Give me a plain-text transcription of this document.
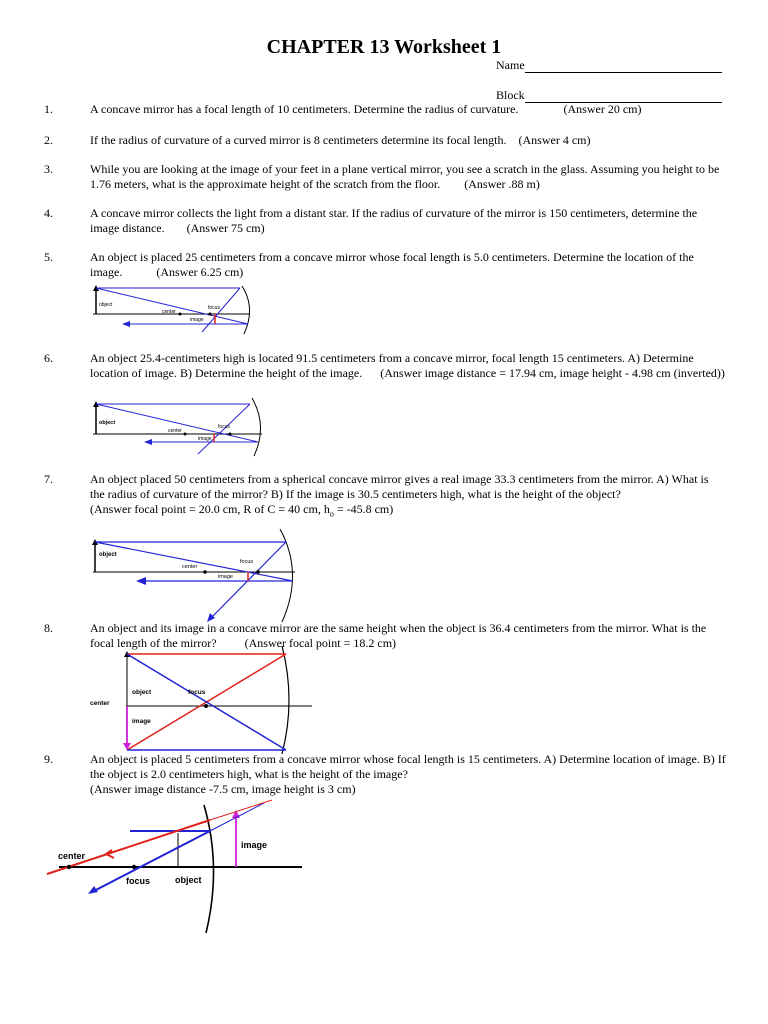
CHAPTER 13 Worksheet 1
Name
Block
1.	A concave mirror has a focal length of 10 centimeters. Determine the radius of curvature.	(Answer 20 cm)
2.	If the radius of curvature of a curved mirror is 8 centimeters determine its focal length. (Answer 4 cm)
3.	While you are looking at the image of your feet in a plane vertical mirror, you see a scratch in the glass. Assuming you height to be 1.76 meters, what is the approximate height of the scratch from the floor. (Answer .88 m)
4.	A concave mirror collects the light from a distant star. If the radius of curvature of the mirror is 150 centimeters, determine the image distance. (Answer 75 cm)
5.	An object is placed 25 centimeters from a concave mirror whose focal length is 5.0 centimeters. Determine the location of the image.	(Answer 6.25 cm)
object
center
focus
image
6.	An object 25.4-centimeters high is located 91.5 centimeters from a concave mirror, focal length 15 centimeters. A) Determine location of image. B) Determine the height of the image. (Answer image distance = 17.94 cm, image height - 4.98 cm (inverted))
object
center
focus
image
7.	An object placed 50 centimeters from a spherical concave mirror gives a real image 33.3 centimeters from the mirror. A) What is the radius of curvature of the mirror? B) If the image is 30.5 centimeters high, what is the height of the object?
(Answer focal point = 20.0 cm, R of C = 40 cm, $h_o = -45.8$ cm)
object
center
focus
image
8.	An object and its image in a concave mirror are the same height when the object is 36.4 centimeters from the mirror. What is the focal length of the mirror? (Answer focal point = 18.2 cm)
object
center
focus
image
9.	An object is placed 5 centimeters from a concave mirror whose focal length is 15 centimeters. A) Determine location of image. B) If the object is 2.0 centimeters high, what is the height of the image?
(Answer image distance -7.5 cm, image height is 3 cm)
center
focus	object
image
